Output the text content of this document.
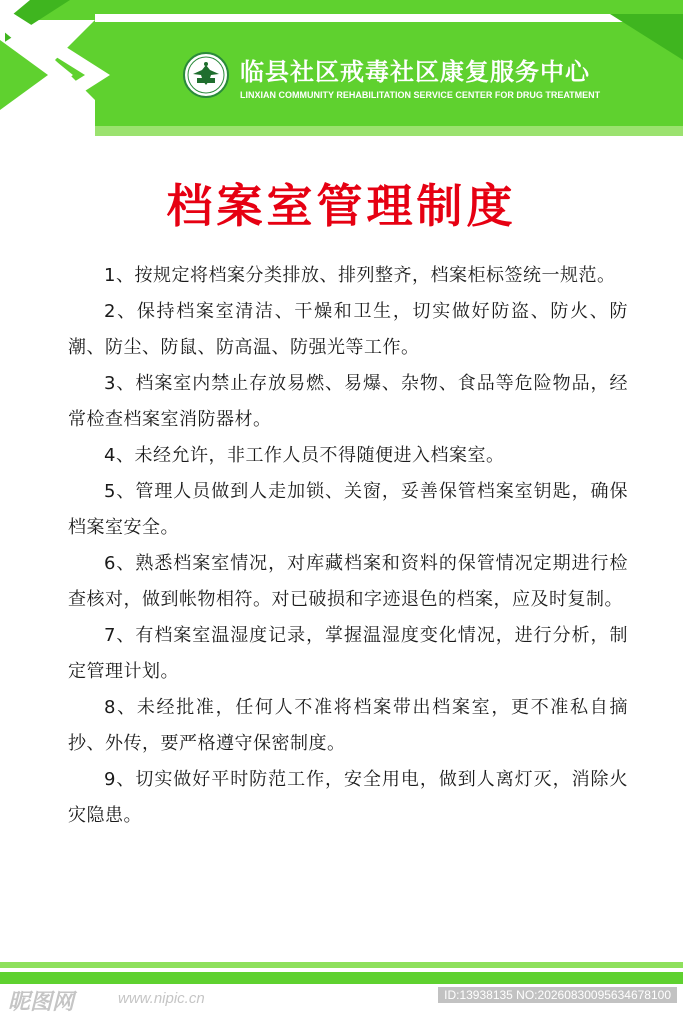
临县社区戒毒社区康复服务中心
LINXIAN COMMUNITY REHABILITATION SERVICE CENTER FOR DRUG TREATMENT
档案室管理制度

1、按规定将档案分类排放、排列整齐，档案柜标签统一规范。

2、保持档案室清洁、干燥和卫生，切实做好防盗、防火、防潮、防尘、防鼠、防高温、防强光等工作。

3、档案室内禁止存放易燃、易爆、杂物、食品等危险物品，经常检查档案室消防器材。

4、未经允许，非工作人员不得随便进入档案室。

5、管理人员做到人走加锁、关窗，妥善保管档案室钥匙，确保档案室安全。

6、熟悉档案室情况，对库藏档案和资料的保管情况定期进行检查核对，做到帐物相符。对已破损和字迹退色的档案，应及时复制。

7、有档案室温湿度记录，掌握温湿度变化情况，进行分析，制定管理计划。

8、未经批准，任何人不准将档案带出档案室，更不准私自摘抄、外传，要严格遵守保密制度。

9、切实做好平时防范工作，安全用电，做到人离灯灭，消除火灾隐患。

昵图网	www.nipic.cn	ID:13938135 NO:20260830095634678100
